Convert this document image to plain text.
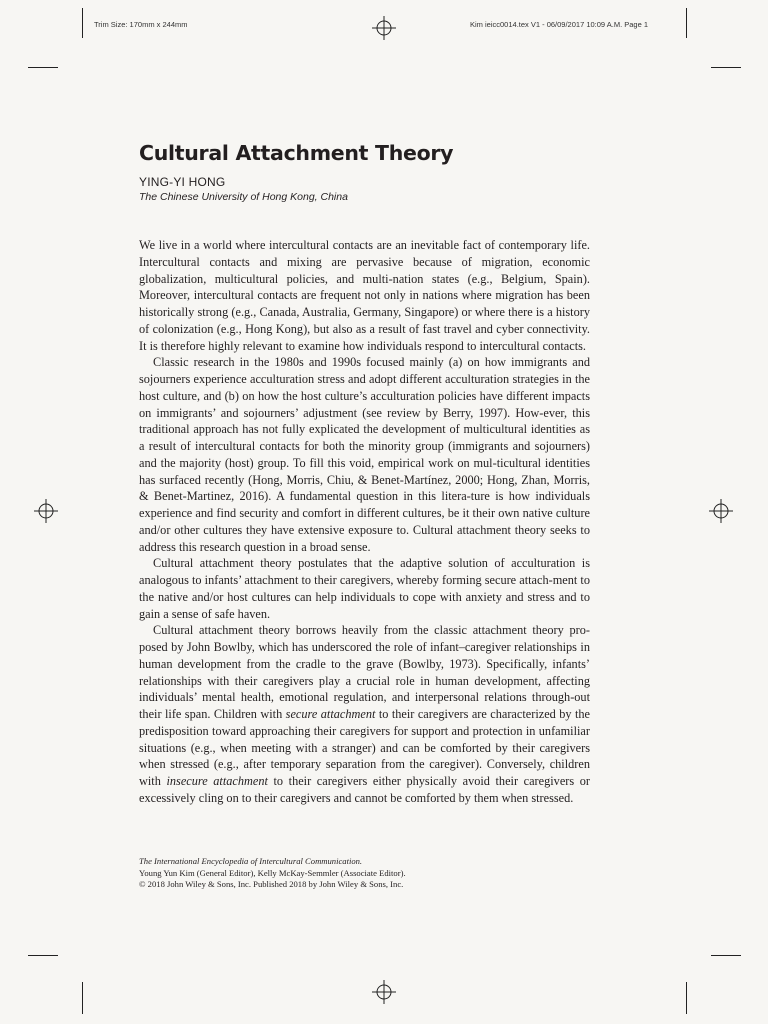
Trim Size: 170mm x 244mm	Kim ieicc0014.tex V1 - 06/09/2017 10:09 A.M. Page 1
Cultural Attachment Theory
YING-YI HONG
The Chinese University of Hong Kong, China

We live in a world where intercultural contacts are an inevitable fact of contemporary life. Intercultural contacts and mixing are pervasive because of migration, economic globalization, multicultural policies, and multi-nation states (e.g., Belgium, Spain). Moreover, intercultural contacts are frequent not only in nations where migration has been historically strong (e.g., Canada, Australia, Germany, Singapore) or where there is a history of colonization (e.g., Hong Kong), but also as a result of fast travel and cyber connectivity. It is therefore highly relevant to examine how individuals respond to intercultural contacts.

Classic research in the 1980s and 1990s focused mainly (a) on how immigrants and sojourners experience acculturation stress and adopt different acculturation strategies in the host culture, and (b) on how the host culture’s acculturation policies have different impacts on immigrants’ and sojourners’ adjustment (see review by Berry, 1997). How-ever, this traditional approach has not fully explicated the development of multicultural identities as a result of intercultural contacts for both the minority group (immigrants and sojourners) and the majority (host) group. To fill this void, empirical work on mul-ticultural identities has surfaced recently (Hong, Morris, Chiu, & Benet-Martínez, 2000; Hong, Zhan, Morris, & Benet-Martinez, 2016). A fundamental question in this litera-ture is how individuals experience and find security and comfort in different cultures, be it their own native culture and/or other cultures they have extensive exposure to. Cultural attachment theory seeks to address this research question in a broad sense.

Cultural attachment theory postulates that the adaptive solution of acculturation is analogous to infants’ attachment to their caregivers, whereby forming secure attach-ment to the native and/or host cultures can help individuals to cope with anxiety and stress and to gain a sense of safe haven.

Cultural attachment theory borrows heavily from the classic attachment theory pro-posed by John Bowlby, which has underscored the role of infant–caregiver relationships in human development from the cradle to the grave (Bowlby, 1973). Specifically, infants’ relationships with their caregivers play a crucial role in human development, affecting individuals’ mental health, emotional regulation, and interpersonal relations through-out their life span. Children with secure attachment to their caregivers are characterized by the predisposition toward approaching their caregivers for support and protection in unfamiliar situations (e.g., when meeting with a stranger) and can be comforted by their caregivers when stressed (e.g., after temporary separation from the caregiver). Conversely, children with insecure attachment to their caregivers either physically avoid their caregivers or excessively cling on to their caregivers and cannot be comforted by them when stressed.

The International Encyclopedia of Intercultural Communication.
Young Yun Kim (General Editor), Kelly McKay-Semmler (Associate Editor).
© 2018 John Wiley & Sons, Inc. Published 2018 by John Wiley & Sons, Inc.
